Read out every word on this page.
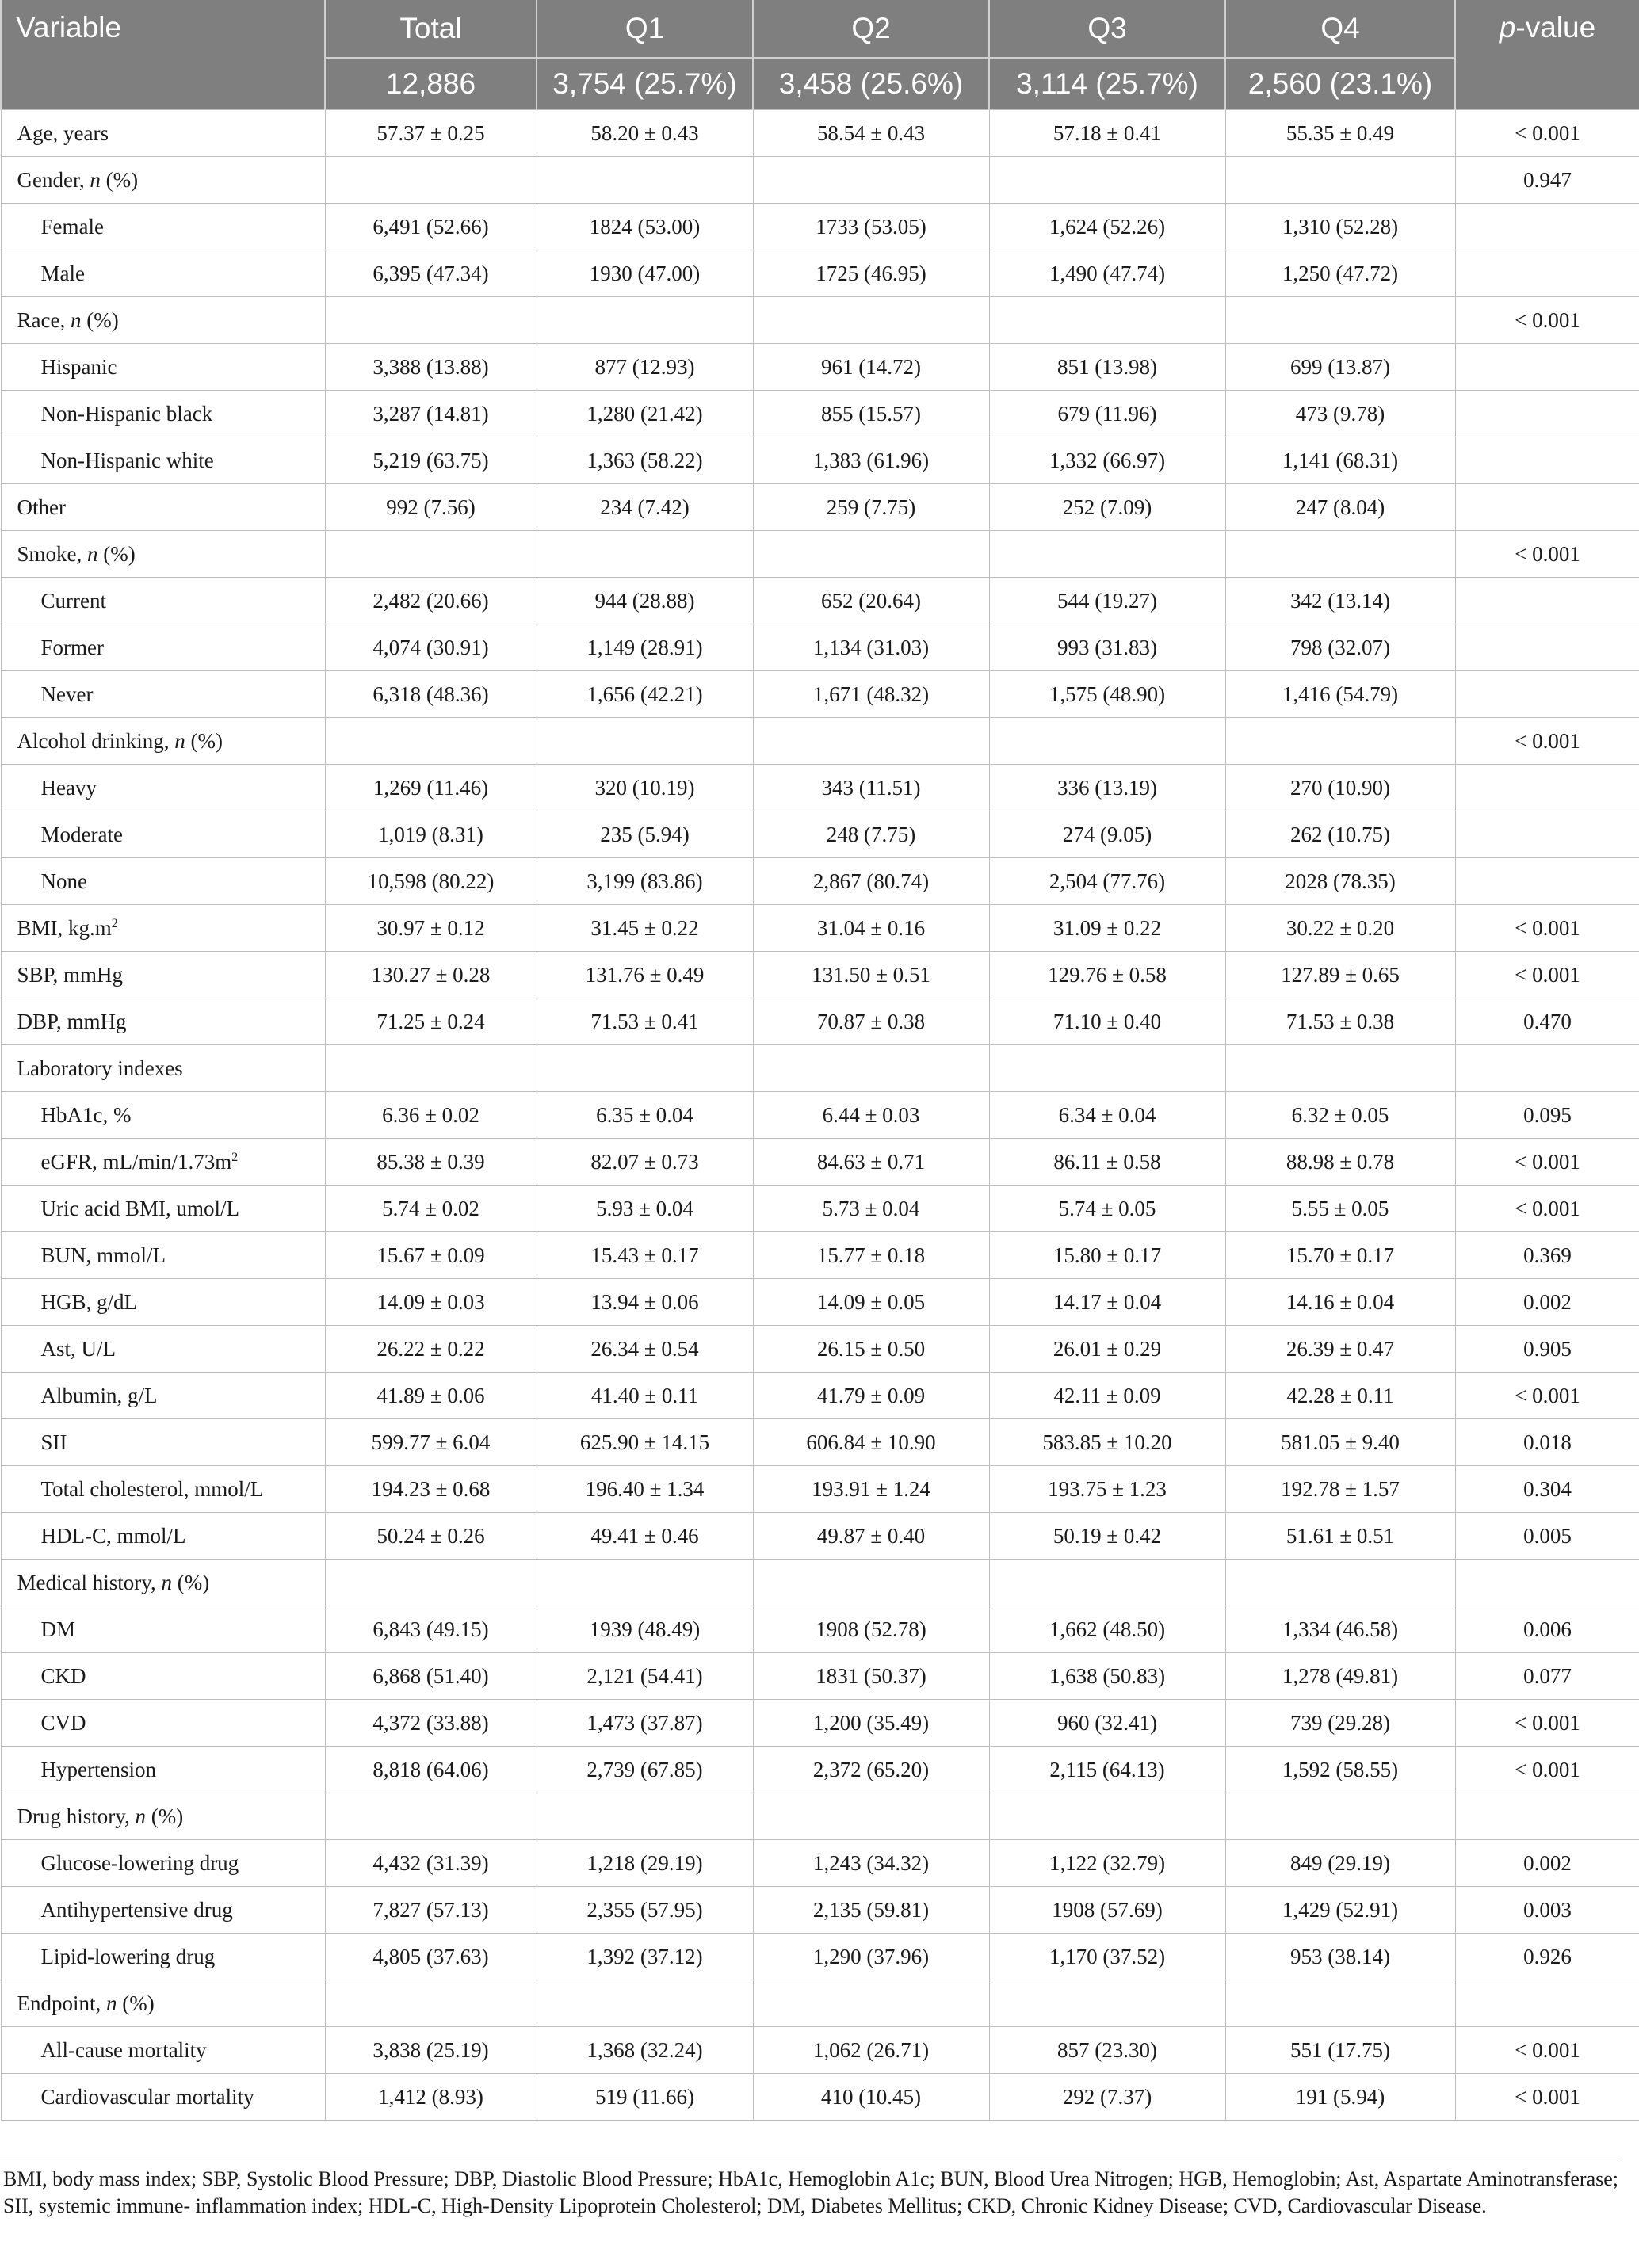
Variable	Total	Q1	Q2	Q3	Q4	p-value
	12,886	3,754 (25.7%)	3,458 (25.6%)	3,114 (25.7%)	2,560 (23.1%)	
Age, years	57.37 ± 0.25	58.20 ± 0.43	58.54 ± 0.43	57.18 ± 0.41	55.35 ± 0.49	< 0.001
Gender, n (%)						0.947
Female	6,491 (52.66)	1824 (53.00)	1733 (53.05)	1,624 (52.26)	1,310 (52.28)	
Male	6,395 (47.34)	1930 (47.00)	1725 (46.95)	1,490 (47.74)	1,250 (47.72)	
Race, n (%)						< 0.001
Hispanic	3,388 (13.88)	877 (12.93)	961 (14.72)	851 (13.98)	699 (13.87)	
Non-Hispanic black	3,287 (14.81)	1,280 (21.42)	855 (15.57)	679 (11.96)	473 (9.78)	
Non-Hispanic white	5,219 (63.75)	1,363 (58.22)	1,383 (61.96)	1,332 (66.97)	1,141 (68.31)	
Other	992 (7.56)	234 (7.42)	259 (7.75)	252 (7.09)	247 (8.04)	
Smoke, n (%)						< 0.001
Current	2,482 (20.66)	944 (28.88)	652 (20.64)	544 (19.27)	342 (13.14)	
Former	4,074 (30.91)	1,149 (28.91)	1,134 (31.03)	993 (31.83)	798 (32.07)	
Never	6,318 (48.36)	1,656 (42.21)	1,671 (48.32)	1,575 (48.90)	1,416 (54.79)	
Alcohol drinking, n (%)						< 0.001
Heavy	1,269 (11.46)	320 (10.19)	343 (11.51)	336 (13.19)	270 (10.90)	
Moderate	1,019 (8.31)	235 (5.94)	248 (7.75)	274 (9.05)	262 (10.75)	
None	10,598 (80.22)	3,199 (83.86)	2,867 (80.74)	2,504 (77.76)	2028 (78.35)	
BMI, $kg.m^2$	30.97 ± 0.12	31.45 ± 0.22	31.04 ± 0.16	31.09 ± 0.22	30.22 ± 0.20	< 0.001
SBP, mmHg	130.27 ± 0.28	131.76 ± 0.49	131.50 ± 0.51	129.76 ± 0.58	127.89 ± 0.65	< 0.001
DBP, mmHg	71.25 ± 0.24	71.53 ± 0.41	70.87 ± 0.38	71.10 ± 0.40	71.53 ± 0.38	0.470
Laboratory indexes						
HbA1c, %	6.36 ± 0.02	6.35 ± 0.04	6.44 ± 0.03	6.34 ± 0.04	6.32 ± 0.05	0.095
eGFR, $mL/\min/1.73m^2$	85.38 ± 0.39	82.07 ± 0.73	84.63 ± 0.71	86.11 ± 0.58	88.98 ± 0.78	< 0.001
Uric acid BMI, umol/L	5.74 ± 0.02	5.93 ± 0.04	5.73 ± 0.04	5.74 ± 0.05	5.55 ± 0.05	< 0.001
BUN, mmol/L	15.67 ± 0.09	15.43 ± 0.17	15.77 ± 0.18	15.80 ± 0.17	15.70 ± 0.17	0.369
HGB, g/dL	14.09 ± 0.03	13.94 ± 0.06	14.09 ± 0.05	14.17 ± 0.04	14.16 ± 0.04	0.002
Ast, U/L	26.22 ± 0.22	26.34 ± 0.54	26.15 ± 0.50	26.01 ± 0.29	26.39 ± 0.47	0.905
Albumin, g/L	41.89 ± 0.06	41.40 ± 0.11	41.79 ± 0.09	42.11 ± 0.09	42.28 ± 0.11	< 0.001
SII	599.77 ± 6.04	625.90 ± 14.15	606.84 ± 10.90	583.85 ± 10.20	581.05 ± 9.40	0.018
Total cholesterol, mmol/L	194.23 ± 0.68	196.40 ± 1.34	193.91 ± 1.24	193.75 ± 1.23	192.78 ± 1.57	0.304
HDL-C, mmol/L	50.24 ± 0.26	49.41 ± 0.46	49.87 ± 0.40	50.19 ± 0.42	51.61 ± 0.51	0.005
Medical history, n (%)						
DM	6,843 (49.15)	1939 (48.49)	1908 (52.78)	1,662 (48.50)	1,334 (46.58)	0.006
CKD	6,868 (51.40)	2,121 (54.41)	1831 (50.37)	1,638 (50.83)	1,278 (49.81)	0.077
CVD	4,372 (33.88)	1,473 (37.87)	1,200 (35.49)	960 (32.41)	739 (29.28)	< 0.001
Hypertension	8,818 (64.06)	2,739 (67.85)	2,372 (65.20)	2,115 (64.13)	1,592 (58.55)	< 0.001
Drug history, n (%)						
Glucose-lowering drug	4,432 (31.39)	1,218 (29.19)	1,243 (34.32)	1,122 (32.79)	849 (29.19)	0.002
Antihypertensive drug	7,827 (57.13)	2,355 (57.95)	2,135 (59.81)	1908 (57.69)	1,429 (52.91)	0.003
Lipid-lowering drug	4,805 (37.63)	1,392 (37.12)	1,290 (37.96)	1,170 (37.52)	953 (38.14)	0.926
Endpoint, n (%)						
All-cause mortality	3,838 (25.19)	1,368 (32.24)	1,062 (26.71)	857 (23.30)	551 (17.75)	< 0.001
Cardiovascular mortality	1,412 (8.93)	519 (11.66)	410 (10.45)	292 (7.37)	191 (5.94)	< 0.001
BMI, body mass index; SBP, Systolic Blood Pressure; DBP, Diastolic Blood Pressure; HbA1c, Hemoglobin A1c; BUN, Blood Urea Nitrogen; HGB, Hemoglobin; Ast, Aspartate Aminotransferase; SII, systemic immune- inflammation index; HDL-C, High-Density Lipoprotein Cholesterol; DM, Diabetes Mellitus; CKD, Chronic Kidney Disease; CVD, Cardiovascular Disease.
